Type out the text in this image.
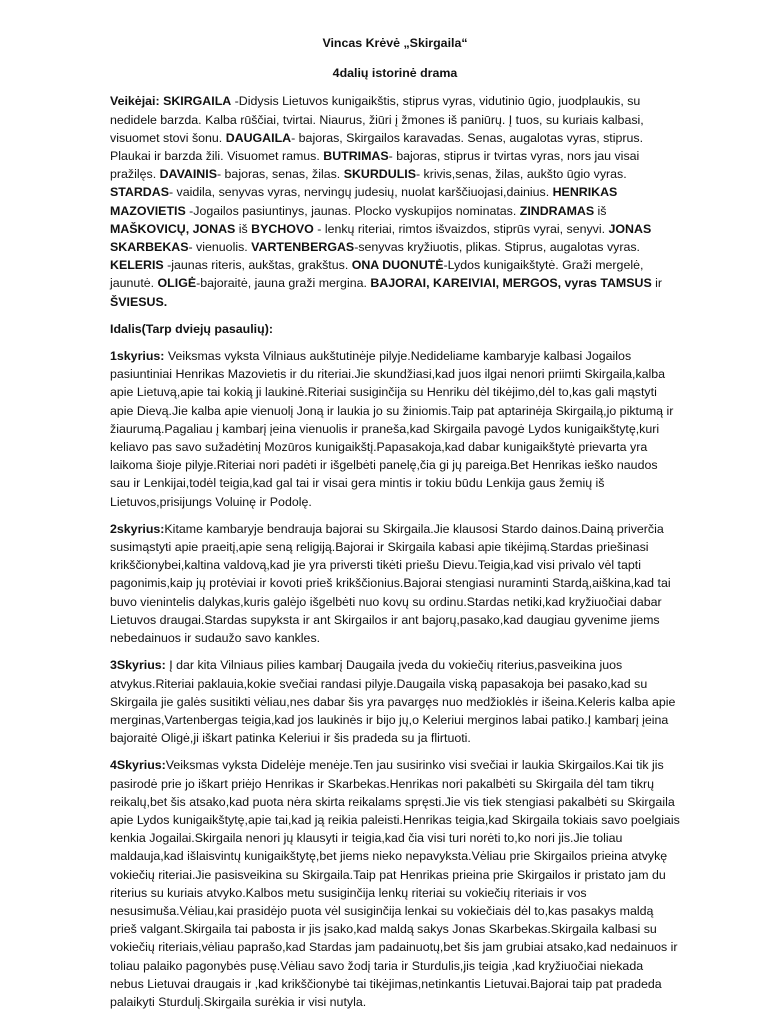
Vincas Krėvė „Skirgaila“

4dalių istorinė drama

Veikėjai: SKIRGAILA -Didysis Lietuvos kunigaikštis, stiprus vyras, vidutinio ūgio, juodplaukis, su nedidele barzda. Kalba rūščiai, tvirtai. Niaurus, žiūri į žmones iš paniūrų. Į tuos, su kuriais kalbasi, visuomet stovi šonu. DAUGAILA- bajoras, Skirgailos karavadas. Senas, augalotas vyras, stiprus. Plaukai ir barzda žili. Visuomet ramus. BUTRIMAS- bajoras, stiprus ir tvirtas vyras, nors jau visai pražilęs. DAVAINIS- bajoras, senas, žilas. SKURDULIS- krivis,senas, žilas, aukšto ūgio vyras. STARDAS- vaidila, senyvas vyras, nervingų judesių, nuolat karščiuojasi,dainius. HENRIKAS MAZOVIETIS -Jogailos pasiuntinys, jaunas. Plocko vyskupijos nominatas. ZINDRAMAS iš MAŠKOVICŲ, JONAS iš BYCHOVO - lenkų riteriai, rimtos išvaizdos, stiprūs vyrai, senyvi. JONAS SKARBEKAS- vienuolis. VARTENBERGAS-senyvas kryžiuotis, plikas. Stiprus, augalotas vyras. KELERIS -jaunas riteris, aukštas, grakštus. ONA DUONUTĖ-Lydos kunigaikštytė. Graži mergelė, jaunutė. OLIGĖ-bajoraitė, jauna graži mergina. BAJORAI, KAREIVIAI, MERGOS, vyras TAMSUS ir ŠVIESUS.

Idalis(Tarp dviejų pasaulių):

1skyrius: Veiksmas vyksta Vilniaus aukštutinėje pilyje.Nedideliame kambaryje kalbasi Jogailos pasiuntiniai Henrikas Mazovietis ir du riteriai.Jie skundžiasi,kad juos ilgai nenori priimti Skirgaila,kalba apie Lietuvą,apie tai kokią ji laukinė.Riteriai susiginčija su Henriku dėl tikėjimo,dėl to,kas gali mąstyti apie Dievą.Jie kalba apie vienuolį Joną ir laukia jo su žiniomis.Taip pat aptarinėja Skirgailą,jo piktumą ir žiaurumą.Pagaliau į kambarį įeina vienuolis ir praneša,kad Skirgaila pavogė Lydos kunigaikštytę,kuri keliavo pas savo sužadėtinį Mozūros kunigaikštį.Papasakoja,kad dabar kunigaikštytė prievarta yra laikoma šioje pilyje.Riteriai nori padėti ir išgelbėti panelę,čia gi jų pareiga.Bet Henrikas ieško naudos sau ir Lenkijai,todėl teigia,kad gal tai ir visai gera mintis ir tokiu būdu Lenkija gaus žemių iš Lietuvos,prisijungs Voluinę ir Podolę.

2skyrius:Kitame kambaryje bendrauja bajorai su Skirgaila.Jie klausosi Stardo dainos.Dainą priverčia susimąstyti apie praeitį,apie seną religiją.Bajorai ir Skirgaila kabasi apie tikėjimą.Stardas priešinasi krikščionybei,kaltina valdovą,kad jie yra priversti tikėti priešu Dievu.Teigia,kad visi privalo vėl tapti pagonimis,kaip jų protėviai ir kovoti prieš krikščionius.Bajorai stengiasi nuraminti Stardą,aiškina,kad tai buvo vienintelis dalykas,kuris galėjo išgelbėti nuo kovų su ordinu.Stardas netiki,kad kryžiuočiai dabar Lietuvos draugai.Stardas supyksta ir ant Skirgailos ir ant bajorų,pasako,kad daugiau gyvenime jiems nebedainuos ir sudaužo savo kankles.

3Skyrius: Į dar kita Vilniaus pilies kambarį Daugaila įveda du vokiečių riterius,pasveikina juos atvykus.Riteriai paklauia,kokie svečiai randasi pilyje.Daugaila viską papasakoja bei pasako,kad su Skirgaila jie galės susitikti vėliau,nes dabar šis yra pavargęs nuo medžioklės ir išeina.Keleris kalba apie merginas,Vartenbergas teigia,kad jos laukinės ir bijo jų,o Keleriui merginos labai patiko.Į kambarį įeina bajoraitė Oligė,ji iškart patinka Keleriui ir šis pradeda su ja flirtuoti.

4Skyrius:Veiksmas vyksta Didelėje menėje.Ten jau susirinko visi svečiai ir laukia Skirgailos.Kai tik jis pasirodė prie jo iškart priėjo Henrikas ir Skarbekas.Henrikas nori pakalbėti su Skirgaila dėl tam tikrų reikalų,bet šis atsako,kad puota nėra skirta reikalams spręsti.Jie vis tiek stengiasi pakalbėti su Skirgaila apie Lydos kunigaikštytę,apie tai,kad ją reikia paleisti.Henrikas teigia,kad Skirgaila tokiais savo poelgiais kenkia Jogailai.Skirgaila nenori jų klausyti ir teigia,kad čia visi turi norėti to,ko nori jis.Jie toliau maldauja,kad išlaisvintų kunigaikštytę,bet jiems nieko nepavyksta.Vėliau prie Skirgailos prieina atvykę vokiečių riteriai.Jie pasisveikina su Skirgaila.Taip pat Henrikas prieina prie Skirgailos ir pristato jam du riterius su kuriais atvyko.Kalbos metu susiginčija lenkų riteriai su vokiečių riteriais ir vos nesusimuša.Vėliau,kai prasidėjo puota vėl susiginčija lenkai su vokiečiais dėl to,kas pasakys maldą prieš valgant.Skirgaila tai pabosta ir jis įsako,kad maldą sakys Jonas Skarbekas.Skirgaila kalbasi su vokiečių riteriais,vėliau paprašo,kad Stardas jam padainuotų,bet šis jam grubiai atsako,kad nedainuos ir toliau palaiko pagonybės pusę.Vėliau savo žodį taria ir Sturdulis,jis teigia ,kad kryžiuočiai niekada nebus Lietuvai draugais ir ,kad krikščionybė tai tikėjimas,netinkantis Lietuvai.Bajorai taip pat pradeda palaikyti Sturdulį.Skirgaila surėkia ir visi nutyla.
